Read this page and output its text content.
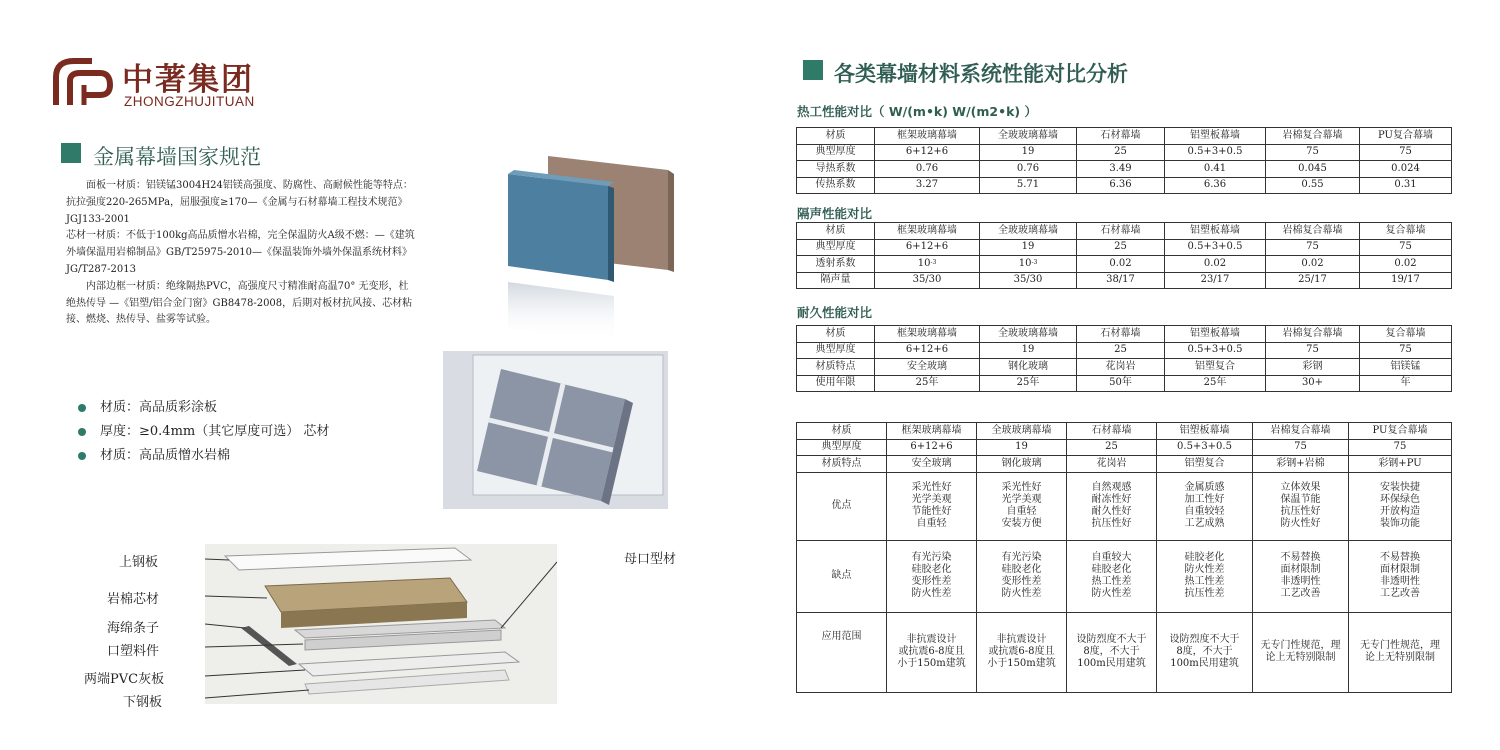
中著集团
ZHONGZHUJITUAN
金属幕墙国家规范
面板一材质：铝镁锰3004H24铝镁高强度、防腐性、高耐候性能等特点：
抗拉强度220-265MPa，屈服强度≥170—《金属与石材幕墙工程技术规范》
JGJ133-2001
芯材一材质：不低于100kg高品质憎水岩棉，完全保温防火A级不燃：—《建筑
外墙保温用岩棉制品》GB/T25975-2010—《保温装饰外墙外保温系统材料》
JG/T287-2013
内部边框一材质：绝缘隔热PVC，高强度尺寸精准耐高温70° 无变形，杜
绝热传导 —《铝塑/铝合金门窗》GB8478-2008，后期对板材抗风接、芯材粘
接、燃烧、热传导、盐雾等试验。
材质：高品质彩涂板
厚度：≥0.4mm（其它厚度可选） 芯材
材质：高品质憎水岩棉
上钢板
岩棉芯材
海绵条子
口塑料件
两端PVC灰板
下钢板
母口型材
各类幕墙材料系统性能对比分析
热工性能对比（ W/(m•k) W/(m2•k) ）
材质	框架玻璃幕墙	全玻玻璃幕墙	石材幕墙	铝塑板幕墙	岩棉复合幕墙	PU复合幕墙
典型厚度	6+12+6	19	25	0.5+3+0.5	75	75
导热系数	0.76	0.76	3.49	0.41	0.045	0.024
传热系数	3.27	5.71	6.36	6.36	0.55	0.31
隔声性能对比
材质	框架玻璃幕墙	全玻玻璃幕墙	石材幕墙	铝塑板幕墙	岩棉复合幕墙	复合幕墙
典型厚度	6+12+6	19	25	0.5+3+0.5	75	75
透射系数	$10^{-3}$	$10^{-3}$	0.02	0.02	0.02	0.02
隔声量	35/30	35/30	38/17	23/17	25/17	19/17
耐久性能对比
材质	框架玻璃幕墙	全玻玻璃幕墙	石材幕墙	铝塑板幕墙	岩棉复合幕墙	复合幕墙
典型厚度	6+12+6	19	25	0.5+3+0.5	75	75
材质特点	安全玻璃	钢化玻璃	花岗岩	铝塑复合	彩钢	铝镁锰
使用年限	25年	25年	50年	25年	30+	年
材质	框架玻璃幕墙	全玻玻璃幕墙	石材幕墙	铝塑板幕墙	岩棉复合幕墙	PU复合幕墙
典型厚度	6+12+6	19	25	0.5+3+0.5	75	75
材质特点	安全玻璃	钢化玻璃	花岗岩	铝塑复合	彩钢+岩棉	彩钢+PU
优点	采光性好
光学美观
节能性好
自重轻	采光性好
光学美观
自重轻
安装方便	自然观感
耐冻性好
耐久性好
抗压性好	金属质感
加工性好
自重较轻
工艺成熟	立体效果
保温节能
抗压性好
防火性好	安装快捷
环保绿色
开放构造
装饰功能
缺点	有光污染
硅胶老化
变形性差
防火性差	有光污染
硅胶老化
变形性差
防火性差	自重较大
硅胶老化
热工性差
防火性差	硅胶老化
防火性差
热工性差
抗压性差	不易替换
面材限制
非透明性
工艺改善	不易替换
面材限制
非透明性
工艺改善
应用范围	非抗震设计
或抗震6-8度且
小于150m建筑	非抗震设计
或抗震6-8度且
小于150m建筑	设防烈度不大于
8度，不大于
100m民用建筑	设防烈度不大于
8度，不大于
100m民用建筑	无专门性规范，理
论上无特别限制	无专门性规范，理
论上无特别限制
